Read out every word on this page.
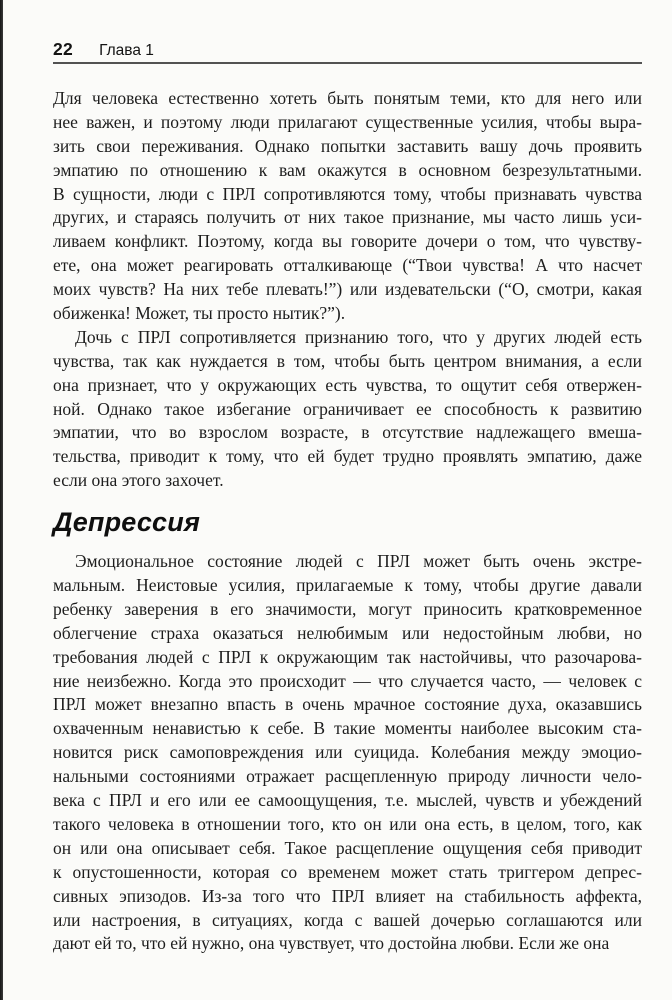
22 Глава 1

Для человека естественно хотеть быть понятым теми, кто для него или
нее важен, и поэтому люди прилагают существенные усилия, чтобы выра-
зить свои переживания. Однако попытки заставить вашу дочь проявить
эмпатию по отношению к вам окажутся в основном безрезультатными.
В сущности, люди с ПРЛ сопротивляются тому, чтобы признавать чувства
других, и стараясь получить от них такое признание, мы часто лишь уси-
ливаем конфликт. Поэтому, когда вы говорите дочери о том, что чувству-
ете, она может реагировать отталкивающе (“Твои чувства! А что насчет
моих чувств? На них тебе плевать!”) или издевательски (“О, смотри, какая
обиженка! Может, ты просто нытик?”).

Дочь с ПРЛ сопротивляется признанию того, что у других людей есть
чувства, так как нуждается в том, чтобы быть центром внимания, а если
она признает, что у окружающих есть чувства, то ощутит себя отвержен-
ной. Однако такое избегание ограничивает ее способность к развитию
эмпатии, что во взрослом возрасте, в отсутствие надлежащего вмеша-
тельства, приводит к тому, что ей будет трудно проявлять эмпатию, даже
если она этого захочет.

Депрессия

Эмоциональное состояние людей с ПРЛ может быть очень экстре-
мальным. Неистовые усилия, прилагаемые к тому, чтобы другие давали
ребенку заверения в его значимости, могут приносить кратковременное
облегчение страха оказаться нелюбимым или недостойным любви, но
требования людей с ПРЛ к окружающим так настойчивы, что разочарова-
ние неизбежно. Когда это происходит — что случается часто, — человек с
ПРЛ может внезапно впасть в очень мрачное состояние духа, оказавшись
охваченным ненавистью к себе. В такие моменты наиболее высоким ста-
новится риск самоповреждения или суицида. Колебания между эмоцио-
нальными состояниями отражает расщепленную природу личности чело-
века с ПРЛ и его или ее самоощущения, т.е. мыслей, чувств и убеждений
такого человека в отношении того, кто он или она есть, в целом, того, как
он или она описывает себя. Такое расщепление ощущения себя приводит
к опустошенности, которая со временем может стать триггером депрес-
сивных эпизодов. Из-за того что ПРЛ влияет на стабильность аффекта,
или настроения, в ситуациях, когда с вашей дочерью соглашаются или
дают ей то, что ей нужно, она чувствует, что достойна любви. Если же она
